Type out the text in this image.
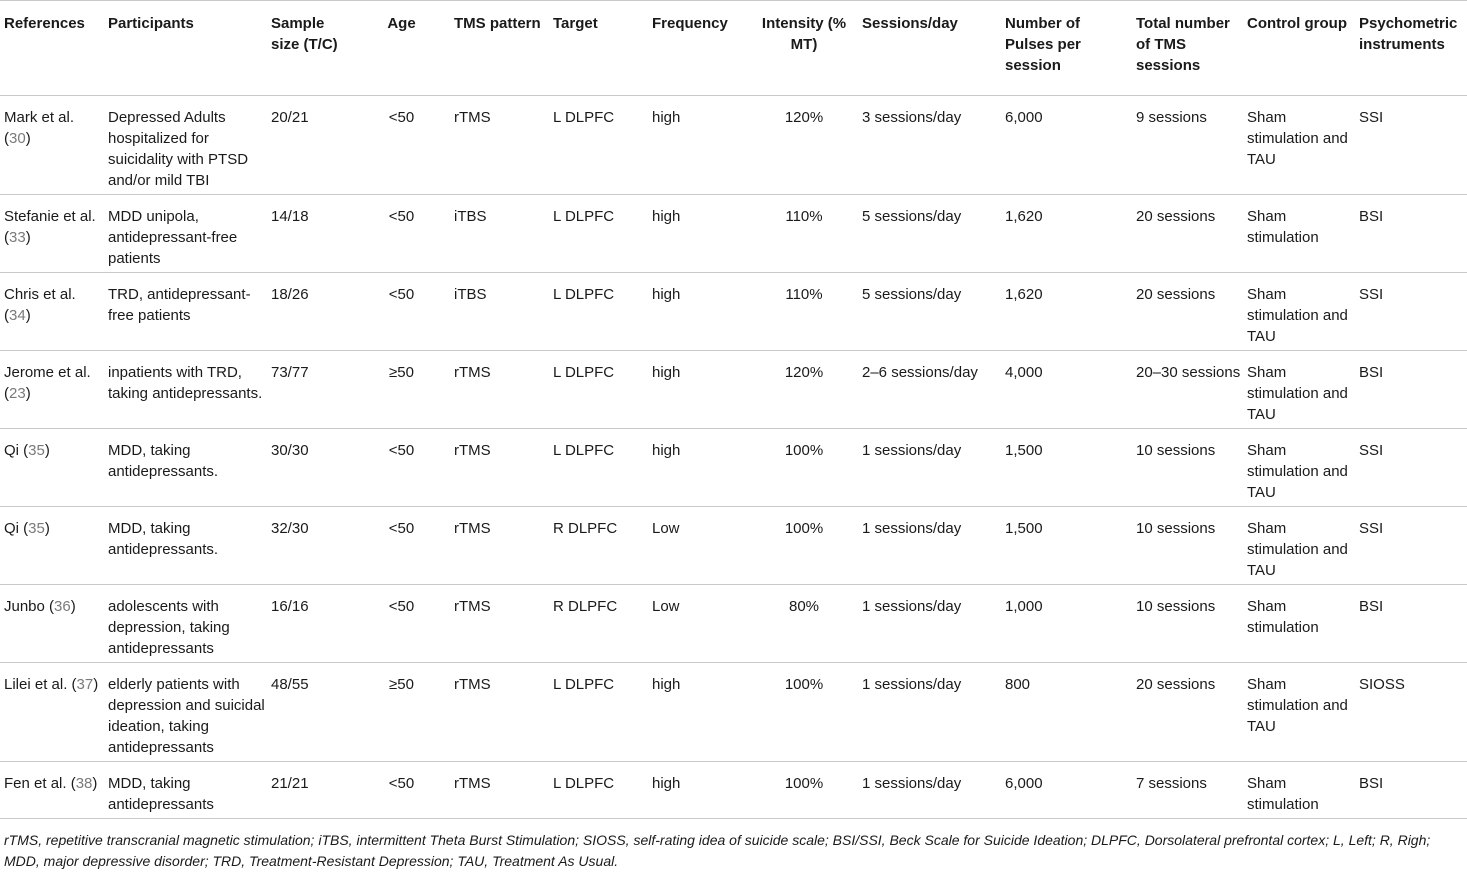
References	Participants	Sample size (T/C)	Age	TMS pattern	Target	Frequency	Intensity (% MT)	Sessions/day	Number of Pulses per session	Total number of TMS sessions	Control group	Psychometric instruments
Mark et al. (30)	Depressed Adults hospitalized for suicidality with PTSD and/or mild TBI	20/21	<50	rTMS	L DLPFC	high	120%	3 sessions/day	6,000	9 sessions	Sham stimulation and TAU	SSI
Stefanie et al. (33)	MDD unipola, antidepressant-free patients	14/18	<50	iTBS	L DLPFC	high	110%	5 sessions/day	1,620	20 sessions	Sham stimulation	BSI
Chris et al. (34)	TRD, antidepressant-free patients	18/26	<50	iTBS	L DLPFC	high	110%	5 sessions/day	1,620	20 sessions	Sham stimulation and TAU	SSI
Jerome et al. (23)	inpatients with TRD, taking antidepressants.	73/77	≥50	rTMS	L DLPFC	high	120%	2–6 sessions/day	4,000	20–30 sessions	Sham stimulation and TAU	BSI
Qi (35)	MDD, taking antidepressants.	30/30	<50	rTMS	L DLPFC	high	100%	1 sessions/day	1,500	10 sessions	Sham stimulation and TAU	SSI
Qi (35)	MDD, taking antidepressants.	32/30	<50	rTMS	R DLPFC	Low	100%	1 sessions/day	1,500	10 sessions	Sham stimulation and TAU	SSI
Junbo (36)	adolescents with depression, taking antidepressants	16/16	<50	rTMS	R DLPFC	Low	80%	1 sessions/day	1,000	10 sessions	Sham stimulation	BSI
Lilei et al. (37)	elderly patients with depression and suicidal ideation, taking antidepressants	48/55	≥50	rTMS	L DLPFC	high	100%	1 sessions/day	800	20 sessions	Sham stimulation and TAU	SIOSS
Fen et al. (38)	MDD, taking antidepressants	21/21	<50	rTMS	L DLPFC	high	100%	1 sessions/day	6,000	7 sessions	Sham stimulation	BSI
rTMS, repetitive transcranial magnetic stimulation; iTBS, intermittent Theta Burst Stimulation; SIOSS, self-rating idea of suicide scale; BSI/SSI, Beck Scale for Suicide Ideation; DLPFC, Dorsolateral prefrontal cortex; L, Left; R, Righ;
MDD, major depressive disorder; TRD, Treatment-Resistant Depression; TAU, Treatment As Usual.
